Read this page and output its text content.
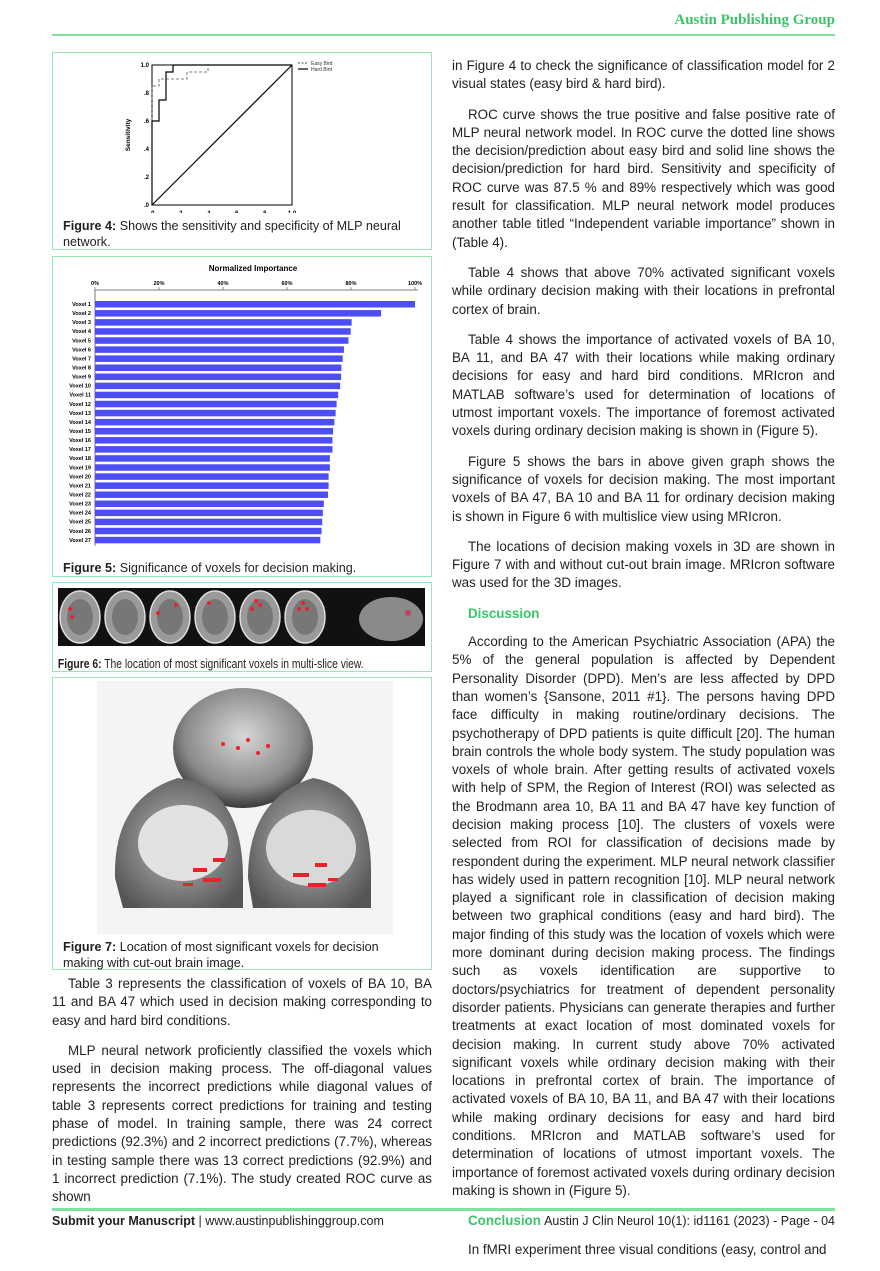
Austin Publishing Group
.0
.2
.4
.6
.8
1.0
Sensitivity
Easy Bird
Hard Bird
Figure 4: Shows the sensitivity and specificity of MLP neural network.
Normalized Importance
0%	20%	40%	60%	80%	100%
Voxel 1
Voxel 2
Voxel 3
Voxel 4
Voxel 5
Voxel 6
Voxel 7
Voxel 8
Voxel 9
Voxel 10
Voxel 11
Voxel 12
Voxel 13
Voxel 14
Voxel 15
Voxel 16
Voxel 17
Voxel 18
Voxel 19
Voxel 20
Voxel 21
Voxel 22
Voxel 23
Voxel 24
Voxel 25
Voxel 26
Voxel 27
Figure 5: Significance of voxels for decision making.
Figure 6: The location of most significant voxels in multi-slice view.
Figure 7: Location of most significant voxels for decision making with cut-out brain image.

Table 3 represents the classification of voxels of BA 10, BA 11 and BA 47 which used in decision making corresponding to easy and hard bird conditions.

MLP neural network proficiently classified the voxels which used in decision making process. The off-diagonal values represents the incorrect predictions while diagonal values of table 3 represents correct predictions for training and testing phase of model. In training sample, there was 24 correct predictions (92.3%) and 2 incorrect predictions (7.7%), whereas in testing sample there was 13 correct predictions (92.9%) and 1 incorrect prediction (7.1%). The study created ROC curve as shown

in Figure 4 to check the significance of classification model for 2 visual states (easy bird & hard bird).

ROC curve shows the true positive and false positive rate of MLP neural network model. In ROC curve the dotted line shows the decision/prediction about easy bird and solid line shows the decision/prediction for hard bird. Sensitivity and specificity of ROC curve was 87.5 % and 89% respectively which was good result for classification. MLP neural network model produces another table titled “Independent variable importance” shown in (Table 4).

Table 4 shows that above 70% activated significant voxels while ordinary decision making with their locations in prefrontal cortex of brain.

Table 4 shows the importance of activated voxels of BA 10, BA 11, and BA 47 with their locations while making ordinary decisions for easy and hard bird conditions. MRIcron and MATLAB software’s used for determination of locations of utmost important voxels. The importance of foremost activated voxels during ordinary decision making is shown in (Figure 5).

Figure 5 shows the bars in above given graph shows the significance of voxels for decision making. The most important voxels of BA 47, BA 10 and BA 11 for ordinary decision making is shown in Figure 6 with multislice view using MRIcron.

The locations of decision making voxels in 3D are shown in Figure 7 with and without cut-out brain image. MRIcron software was used for the 3D images.

Discussion

According to the American Psychiatric Association (APA) the 5% of the general population is affected by Dependent Personality Disorder (DPD). Men’s are less affected by DPD than women’s {Sansone, 2011 #1}. The persons having DPD face difficulty in making routine/ordinary decisions. The psychotherapy of DPD patients is quite difficult [20]. The human brain controls the whole body system. The study population was voxels of whole brain. After getting results of activated voxels with help of SPM, the Region of Interest (ROI) was selected as the Brodmann area 10, BA 11 and BA 47 have key function of decision making process [10]. The clusters of voxels were selected from ROI for classification of decisions made by respondent during the experiment. MLP neural network classifier has widely used in pattern recognition [10]. MLP neural network played a significant role in classification of decision making between two graphical conditions (easy and hard bird). The major finding of this study was the location of voxels which were more dominant during decision making process. The findings such as voxels identification are supportive to doctors/psychiatrics for treatment of dependent personality disorder patients. Physicians can generate therapies and further treatments at exact location of most dominated voxels for decision making. In current study above 70% activated significant voxels while ordinary decision making with their locations in prefrontal cortex of brain. The importance of activated voxels of BA 10, BA 11, and BA 47 with their locations while making ordinary decisions for easy and hard bird conditions. MRIcron and MATLAB software’s used for determination of locations of utmost important voxels. The importance of foremost activated voxels during ordinary decision making is shown in (Figure 5).

Conclusion

In fMRI experiment three visual conditions (easy, control and

Submit your Manuscript | www.austinpublishinggroup.com	Austin J Clin Neurol 10(1): id1161 (2023) - Page - 04
